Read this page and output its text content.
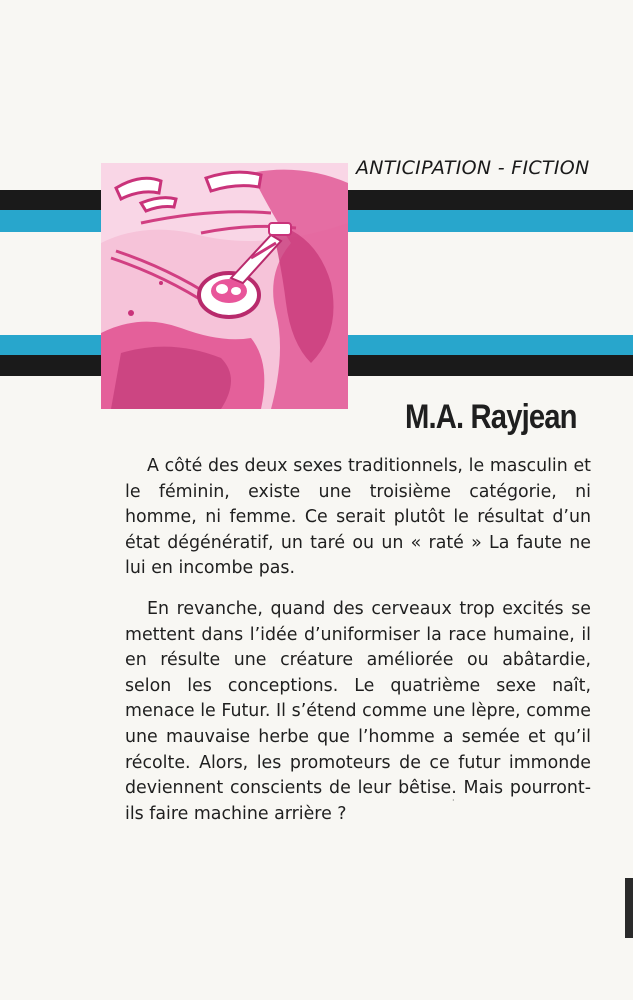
ANTICIPATION - FICTION
M.A. Rayjean

A côté des deux sexes traditionnels, le masculin et le féminin, existe une troisième catégorie, ni homme, ni femme. Ce serait plutôt le résultat d’un état dégénératif, un taré ou un « raté » La faute ne lui en incombe pas.

En revanche, quand des cerveaux trop excités se mettent dans l’idée d’uniformiser la race humaine, il en résulte une créature améliorée ou abâtardie, selon les conceptions. Le quatrième sexe naît, menace le Futur. Il s’étend comme une lèpre, comme une mauvaise herbe que l’homme a semée et qu’il récolte. Alors, les promoteurs de ce futur immonde deviennent conscients de leur bêtise. Mais pourront-ils faire machine arrière ?

·
